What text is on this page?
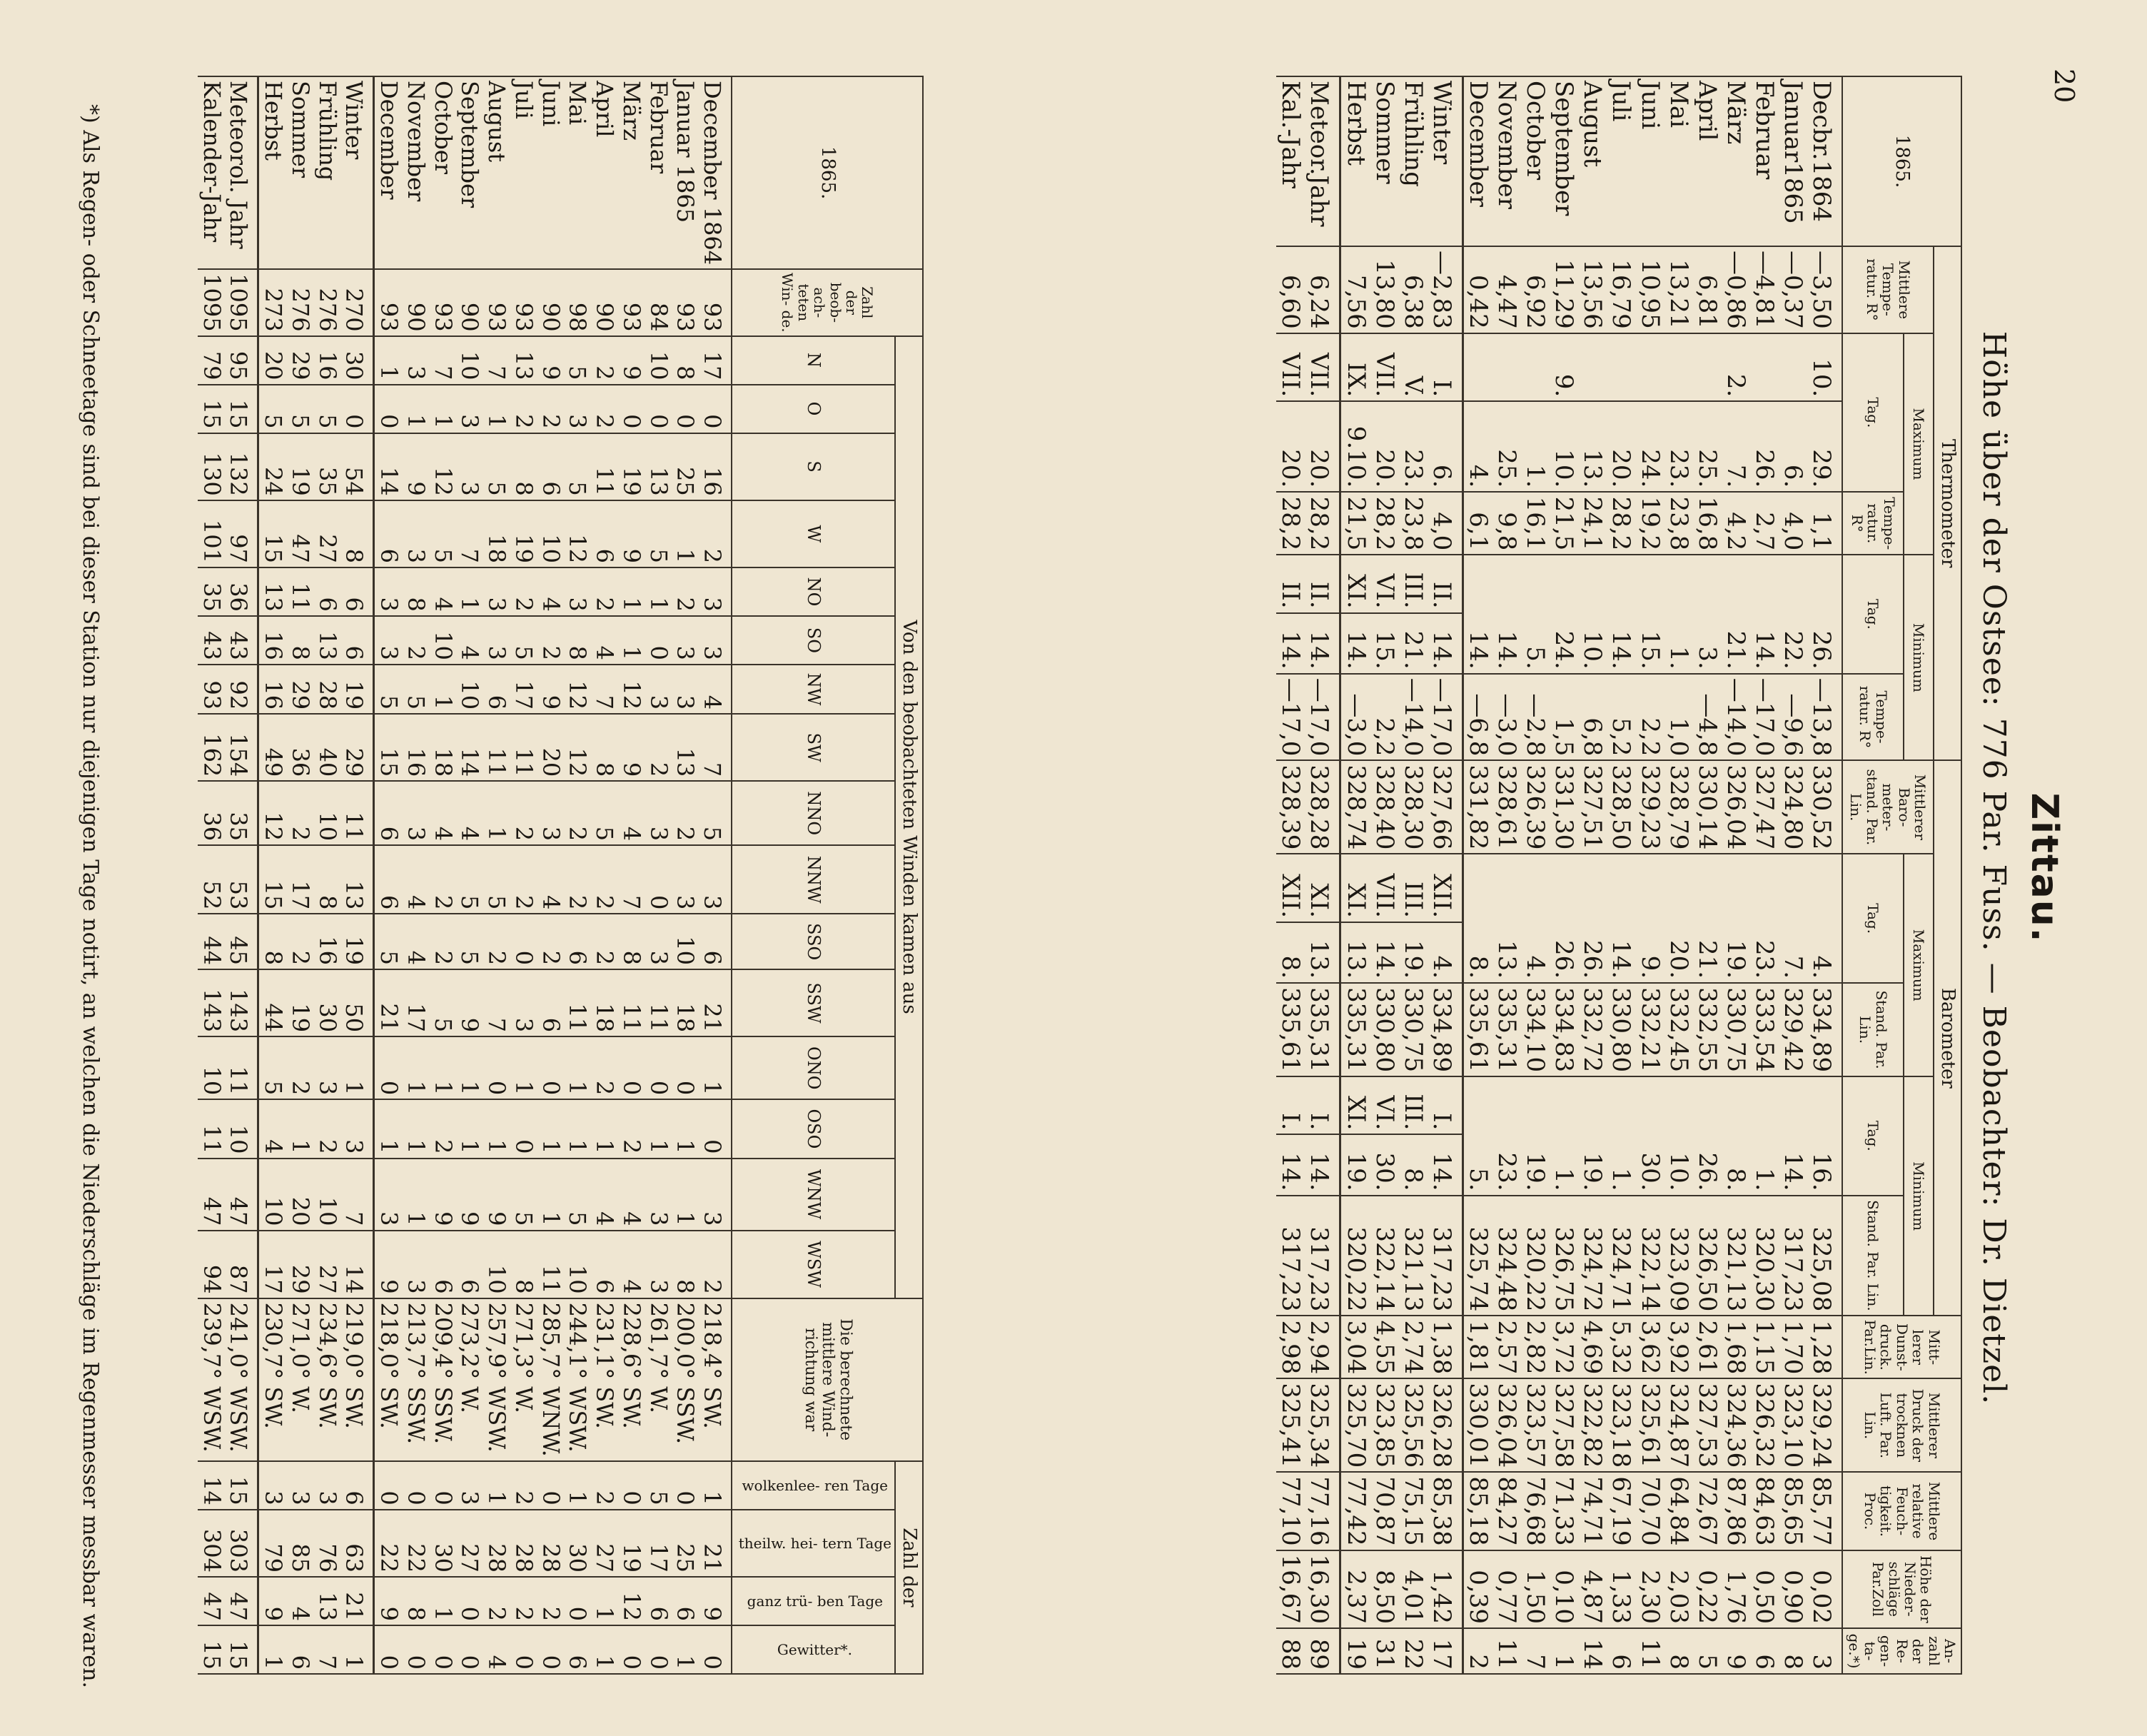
20
Zittau.
Höhe über der Ostsee: 776 Par. Fuss. — Beobachter: Dr. Dietzel.
1865.	Thermometer							Barometer							Mitt- lerer Dunst- druck. Par.Lin.	Mittlerer Druck der trocknen Luft. Par. Lin.	Mittlere relative Feuch- tigkeit. Proc.	Höhe der Nieder- schläge Par.Zoll	An- zahl der Re- gen- ta- ge.*)
	Mittlere Tempe- ratur. R°	Maximum			Minimum			Mittlerer Baro- meter- stand. Par. Lin.	Maximum			Minimum							
		Tag.		Tempe- ratur. R°	Tag.		Tempe- ratur. R°		Tag.		Stand. Par. Lin.	Tag.		Stand. Par. Lin.					
Decbr.1864	—3,50	10.	29.	1,1	26.		—13,8	330,52	4.		334,89	16.		325,08	1,28	329,24	85,77	0,02	3
Januar1865	—0,37		6.	4,0	22.		—9,6	324,80	7.		329,42	14.		317,23	1,70	323,10	85,65	0,90	8
Februar	—4,81		26.	2,7	14.		—17,0	327,47	23.		333,54	1.		320,30	1,15	326,32	84,63	0,50	6
März	—0,86	2.	7.	4,2	21.		—14,0	326,04	19.		330,75	8.		321,13	1,68	324,36	87,86	1,76	9
April	6,81		25.	16,8	3.		—4,8	330,14	21.		332,55	26.		326,50	2,61	327,53	72,67	0,22	5
Mai	13,21		23.	23,8	1.		1,0	328,79	20.		332,45	10.		323,09	3,92	324,87	64,84	2,03	8
Juni	10,95		24.	19,2	15.		2,2	329,23	9.		332,21	30.		322,14	3,62	325,61	70,70	2,30	11
Juli	16,79		20.	28,2	14.		5,2	328,50	14.		330,80	1.		324,71	5,32	323,18	67,19	1,33	6
August	13,56		13.	24,1	10.		6,8	327,51	26.		332,72	19.		324,72	4,69	322,82	74,71	4,87	14
September	11,29	9.	10.	21,5	24.		1,5	331,30	26.		334,83	1.		326,75	3,72	327,58	71,33	0,10	1
October	6,92		1.	16,1	5.		—2,8	326,39	4.		334,10	19.		320,22	2,82	323,57	76,68	1,50	7
November	4,47		25.	9,8	14.		—3,0	328,61	13.		335,31	23.		324,48	2,57	326,04	84,27	0,77	11
December	0,42		4.	6,1	14.		—6,8	331,82	8.		335,61	5.		325,74	1,81	330,01	85,18	0,39	2
Winter	—2,83	I.	6.	4,0	II.	14.	—17,0	327,66	XII.	4.	334,89	I.	14.	317,23	1,38	326,28	85,38	1,42	17
Frühling	6,38	V.	23.	23,8	III.	21.	—14,0	328,30	III.	19.	330,75	III.	8.	321,13	2,74	325,56	75,15	4,01	22
Sommer	13,80	VII.	20.	28,2	VI.	15.	2,2	328,40	VII.	14.	330,80	VI.	30.	322,14	4,55	323,85	70,87	8,50	31
Herbst	7,56	IX.	9.10.	21,5	XI.	14.	—3,0	328,74	XI.	13.	335,31	XI.	19.	320,22	3,04	325,70	77,42	2,37	19
Meteor.Jahr	6,24	VII.	20.	28,2	II.	14.	—17,0	328,28	XI.	13.	335,31	I.	14.	317,23	2,94	325,34	77,16	16,30	89
Kal.-Jahr	6,60	VII.	20.	28,2	II.	14.	—17,0	328,39	XII.	8.	335,61	I.	14.	317,23	2,98	325,41	77,10	16,67	88
1865.	Zahl der beob- ach- teten Win- de.	Von den beobachteten Winden kamen aus																Die berechnete mittlere Wind- richtung war	Zahl der			
		N	O	S	W	NO	SO	NW	SW	NNO	NNW	SSO	SSW	ONO	OSO	WNW	WSW		wolkenlee- ren Tage	theilw. hei- tern Tage	ganz trü- ben Tage	Gewitter*.
December 1864	93	17	0	16	2	3	3	4	7	5	3	6	21	1	0	3	2	218,4° SW.	1	21	9	0
Januar 1865	93	8	0	25	1	2	3	3	13	2	3	10	18	0	1	1	8	200,0° SSW.	0	25	6	1
Februar	84	10	0	13	5	1	0	3	2	3	0	3	11	0	1	3	3	261,7° W.	5	17	6	0
März	93	9	0	19	9	1	1	12	9	4	7	8	11	0	2	4	4	228,6° SW.	0	19	12	0
April	90	2	2	11	6	2	4	7	8	5	2	2	18	2	1	4	6	231,1° SW.	2	27	1	1
Mai	98	5	3	5	12	3	8	12	12	2	2	6	11	1	1	5	10	244,1° WSW.	1	30	0	6
Juni	90	9	2	6	10	4	2	9	20	3	4	2	6	0	1	1	11	285,7° WNW.	0	28	2	0
Juli	93	13	2	8	19	2	5	17	11	2	2	0	3	1	0	5	8	271,3° W.	2	28	2	0
August	93	7	1	5	18	3	3	6	11	1	5	2	7	0	1	9	10	257,9° WSW.	1	28	2	4
September	90	10	3	3	7	1	4	10	14	4	5	5	9	1	1	9	6	273,2° W.	3	27	0	0
October	93	7	1	12	5	4	10	1	18	4	2	2	5	1	2	9	6	209,4° SSW.	0	30	1	0
November	90	3	1	9	3	8	2	5	16	3	4	4	17	1	1	1	3	213,7° SSW.	0	22	8	0
December	93	1	0	14	6	3	3	5	15	6	6	5	21	0	1	3	9	218,0° SW.	0	22	9	0
Winter	270	30	0	54	8	6	6	19	29	11	13	19	50	1	3	7	14	219,0° SW.	6	63	21	1
Frühling	276	16	5	35	27	6	13	28	40	10	8	16	30	3	2	10	27	234,6° SW.	3	76	13	7
Sommer	276	29	5	19	47	11	8	29	36	2	17	2	19	2	1	20	29	271,0° W.	3	85	4	6
Herbst	273	20	5	24	15	13	16	16	49	12	15	8	44	5	4	10	17	230,7° SW.	3	79	9	1
Meteorol. Jahr	1095	95	15	132	97	36	43	92	154	35	53	45	143	11	10	47	87	241,0° WSW.	15	303	47	15
Kalender-Jahr	1095	79	15	130	101	35	43	93	162	36	52	44	143	10	11	47	94	239,7° WSW.	14	304	47	15
*) Als Regen- oder Schneetage sind bei dieser Station nur diejenigen Tage notirt, an welchen die Niederschläge im Regenmesser messbar waren.
